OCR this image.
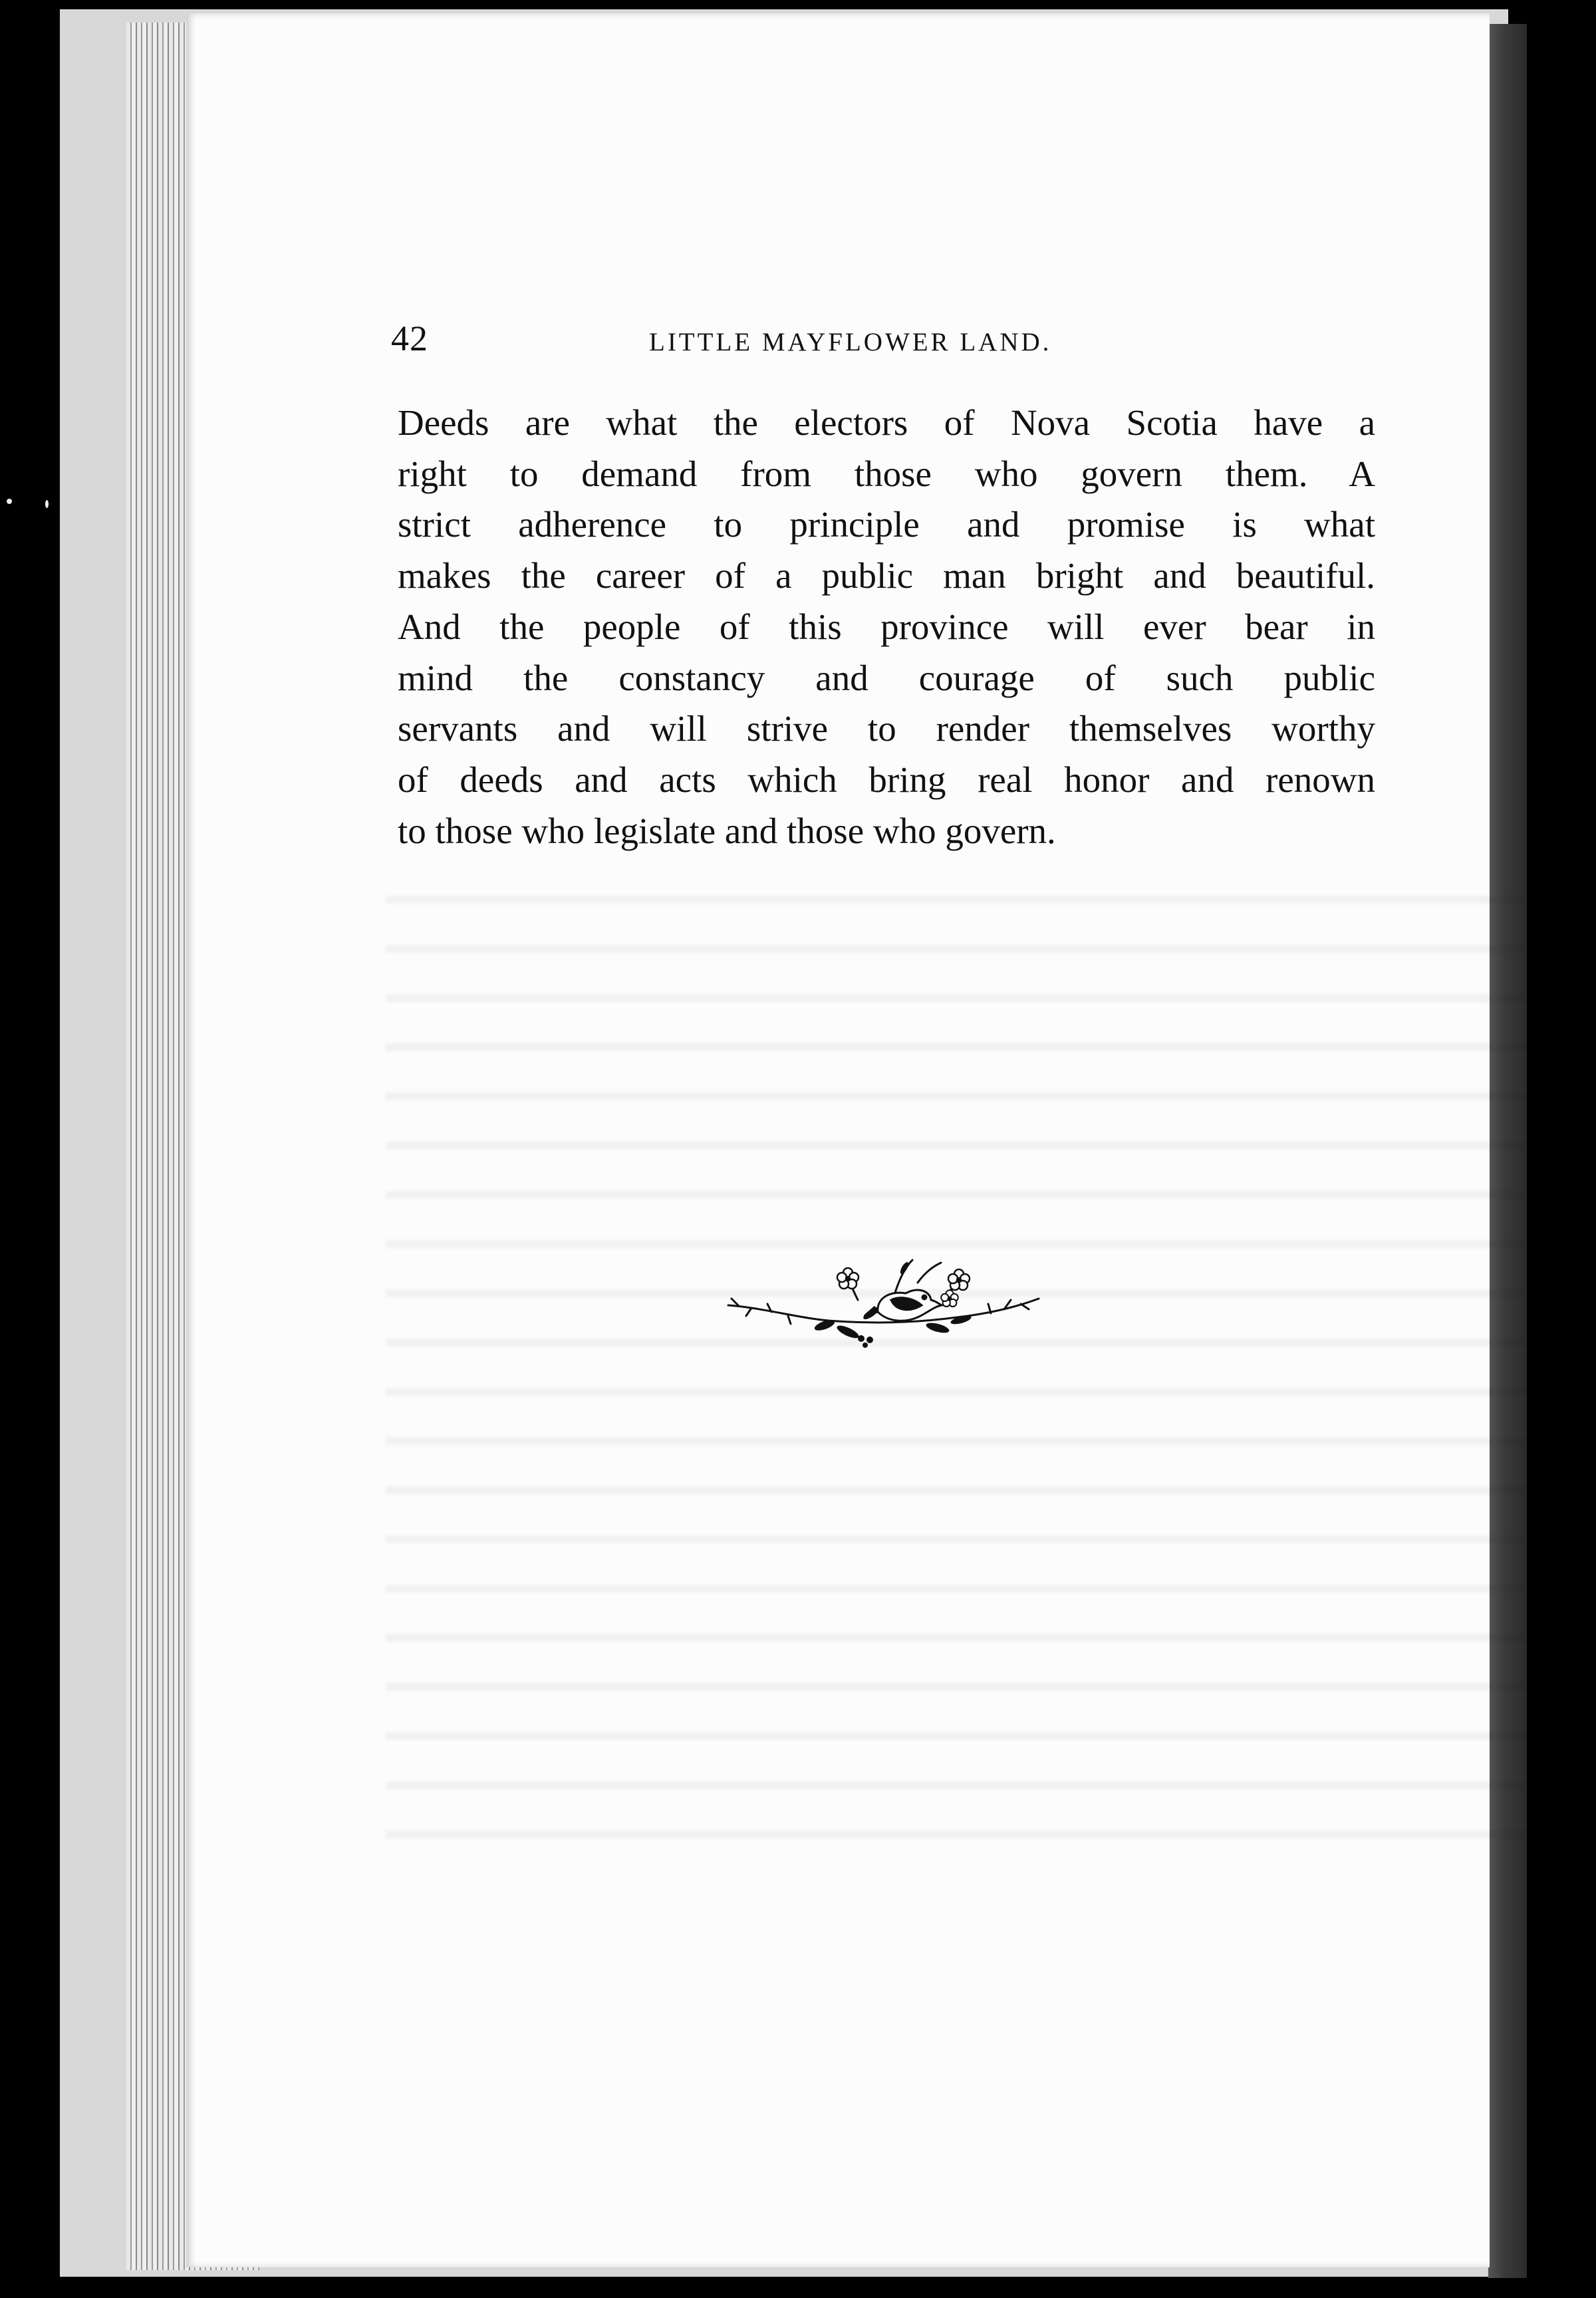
42	LITTLE MAYFLOWER LAND.
Deeds are what the electors of Nova Scotia have a
right to demand from those who govern them. A
strict adherence to principle and promise is what
makes the career of a public man bright and beautiful.
And the people of this province will ever bear in
mind the constancy and courage of such public
servants and will strive to render themselves worthy
of deeds and acts which bring real honor and renown
to those who legislate and those who govern.
